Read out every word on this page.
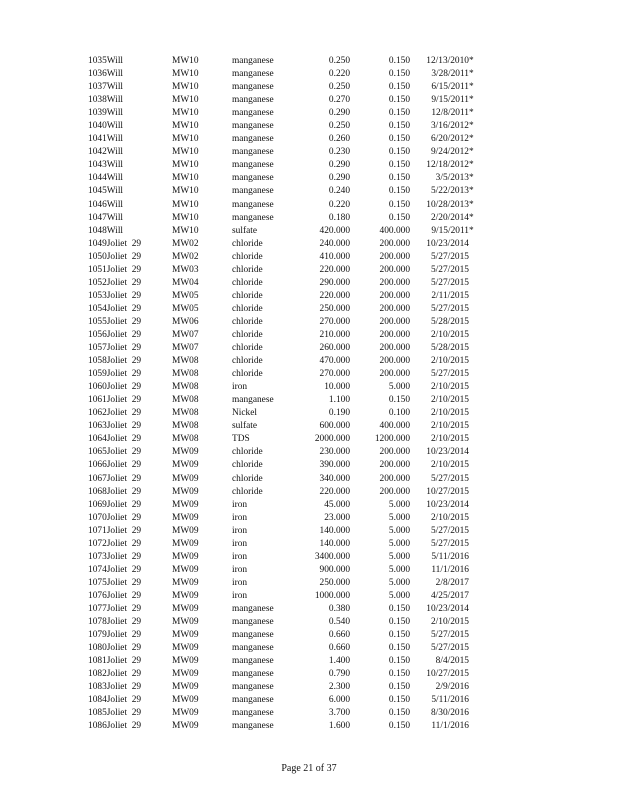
1035Will	MW10	manganese	0.250	0.150	12/13/2010	*
1036Will	MW10	manganese	0.220	0.150	3/28/2011	*
1037Will	MW10	manganese	0.250	0.150	6/15/2011	*
1038Will	MW10	manganese	0.270	0.150	9/15/2011	*
1039Will	MW10	manganese	0.290	0.150	12/8/2011	*
1040Will	MW10	manganese	0.250	0.150	3/16/2012	*
1041Will	MW10	manganese	0.260	0.150	6/20/2012	*
1042Will	MW10	manganese	0.230	0.150	9/24/2012	*
1043Will	MW10	manganese	0.290	0.150	12/18/2012	*
1044Will	MW10	manganese	0.290	0.150	3/5/2013	*
1045Will	MW10	manganese	0.240	0.150	5/22/2013	*
1046Will	MW10	manganese	0.220	0.150	10/28/2013	*
1047Will	MW10	manganese	0.180	0.150	2/20/2014	*
1048Will	MW10	sulfate	420.000	400.000	9/15/2011	*
1049Joliet  29	MW02	chloride	240.000	200.000	10/23/2014	
1050Joliet  29	MW02	chloride	410.000	200.000	5/27/2015	
1051Joliet  29	MW03	chloride	220.000	200.000	5/27/2015	
1052Joliet  29	MW04	chloride	290.000	200.000	5/27/2015	
1053Joliet  29	MW05	chloride	220.000	200.000	2/11/2015	
1054Joliet  29	MW05	chloride	250.000	200.000	5/27/2015	
1055Joliet  29	MW06	chloride	270.000	200.000	5/28/2015	
1056Joliet  29	MW07	chloride	210.000	200.000	2/10/2015	
1057Joliet  29	MW07	chloride	260.000	200.000	5/28/2015	
1058Joliet  29	MW08	chloride	470.000	200.000	2/10/2015	
1059Joliet  29	MW08	chloride	270.000	200.000	5/27/2015	
1060Joliet  29	MW08	iron	10.000	5.000	2/10/2015	
1061Joliet  29	MW08	manganese	1.100	0.150	2/10/2015	
1062Joliet  29	MW08	Nickel	0.190	0.100	2/10/2015	
1063Joliet  29	MW08	sulfate	600.000	400.000	2/10/2015	
1064Joliet  29	MW08	TDS	2000.000	1200.000	2/10/2015	
1065Joliet  29	MW09	chloride	230.000	200.000	10/23/2014	
1066Joliet  29	MW09	chloride	390.000	200.000	2/10/2015	
1067Joliet  29	MW09	chloride	340.000	200.000	5/27/2015	
1068Joliet  29	MW09	chloride	220.000	200.000	10/27/2015	
1069Joliet  29	MW09	iron	45.000	5.000	10/23/2014	
1070Joliet  29	MW09	iron	23.000	5.000	2/10/2015	
1071Joliet  29	MW09	iron	140.000	5.000	5/27/2015	
1072Joliet  29	MW09	iron	140.000	5.000	5/27/2015	
1073Joliet  29	MW09	iron	3400.000	5.000	5/11/2016	
1074Joliet  29	MW09	iron	900.000	5.000	11/1/2016	
1075Joliet  29	MW09	iron	250.000	5.000	2/8/2017	
1076Joliet  29	MW09	iron	1000.000	5.000	4/25/2017	
1077Joliet  29	MW09	manganese	0.380	0.150	10/23/2014	
1078Joliet  29	MW09	manganese	0.540	0.150	2/10/2015	
1079Joliet  29	MW09	manganese	0.660	0.150	5/27/2015	
1080Joliet  29	MW09	manganese	0.660	0.150	5/27/2015	
1081Joliet  29	MW09	manganese	1.400	0.150	8/4/2015	
1082Joliet  29	MW09	manganese	0.790	0.150	10/27/2015	
1083Joliet  29	MW09	manganese	2.300	0.150	2/9/2016	
1084Joliet  29	MW09	manganese	6.000	0.150	5/11/2016	
1085Joliet  29	MW09	manganese	3.700	0.150	8/30/2016	
1086Joliet  29	MW09	manganese	1.600	0.150	11/1/2016	
Page 21 of 37
